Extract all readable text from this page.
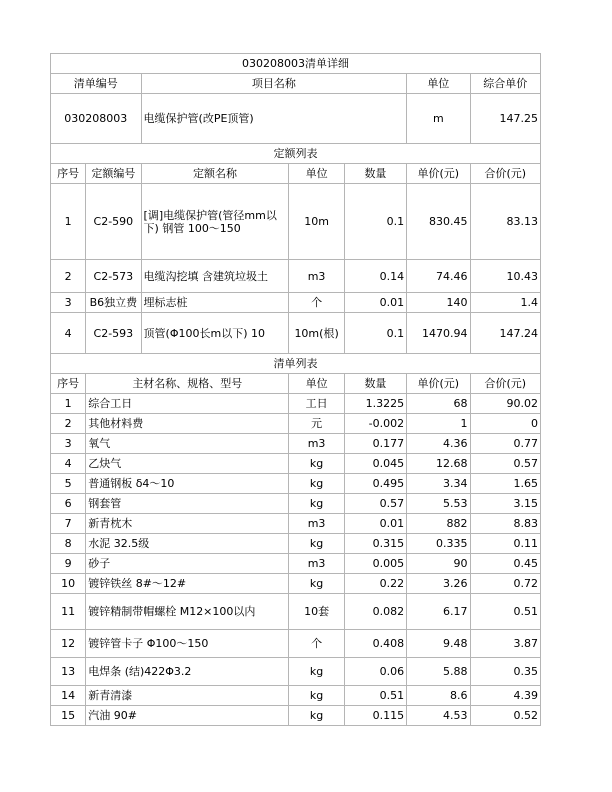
030208003清单详细						
清单编号		项目名称			单位	综合单价
030208003		电缆保护管(改PE顶管)			m	147.25
定额列表						
序号	定额编号	定额名称	单位	数量	单价(元)	合价(元)
1	C2-590	[调]电缆保护管(管径mm以下) 钢管 100～150	10m	0.1	830.45	83.13
2	C2-573	电缆沟挖填 含建筑垃圾土	m3	0.14	74.46	10.43
3	B6独立费	埋标志桩	个	0.01	140	1.4
4	C2-593	顶管(Φ100长m以下) 10	10m(根)	0.1	1470.94	147.24
清单列表						
序号	主材名称、规格、型号		单位	数量	单价(元)	合价(元)
1	综合工日		工日	1.3225	68	90.02
2	其他材料费		元	-0.002	1	0
3	氧气		m3	0.177	4.36	0.77
4	乙炔气		kg	0.045	12.68	0.57
5	普通钢板 δ4～10		kg	0.495	3.34	1.65
6	钢套管		kg	0.57	5.53	3.15
7	新青枕木		m3	0.01	882	8.83
8	水泥 32.5级		kg	0.315	0.335	0.11
9	砂子		m3	0.005	90	0.45
10	镀锌铁丝 8#～12#		kg	0.22	3.26	0.72
11	镀锌精制带帽螺栓 M12×100以内		10套	0.082	6.17	0.51
12	镀锌管卡子 Φ100～150		个	0.408	9.48	3.87
13	电焊条 (结)422Φ3.2		kg	0.06	5.88	0.35
14	新青清漆		kg	0.51	8.6	4.39
15	汽油 90#		kg	0.115	4.53	0.52
